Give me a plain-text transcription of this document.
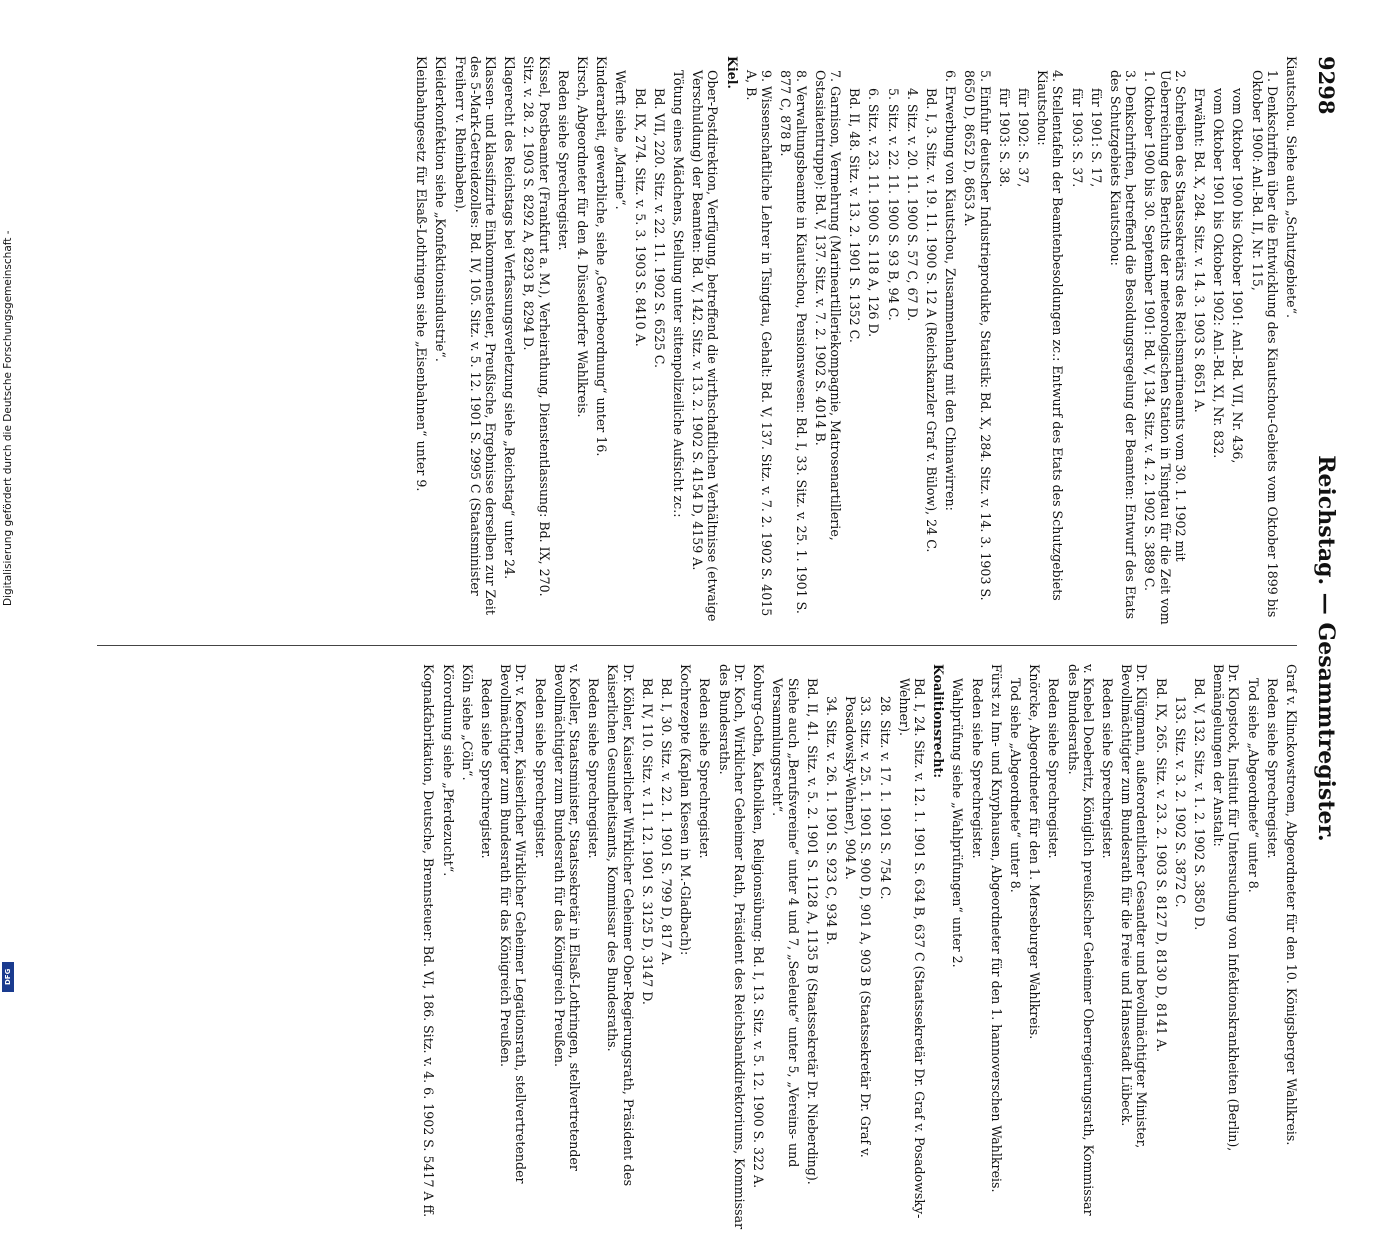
9298
Reichstag. — Gesammtregister.

Kiautschou. Siehe auch „Schutzgebiete“.

1. Denkschriften über die Entwicklung des Kiautschou-Gebiets vom Oktober 1899 bis Oktober 1900: Anl.-Bd. II, Nr. 115,

vom Oktober 1900 bis Oktober 1901: Anl.-Bd. VII, Nr. 436,

vom Oktober 1901 bis Oktober 1902: Anl.-Bd. XI, Nr. 832.

Erwähnt: Bd. X, 284. Sitz. v. 14. 3. 1903 S. 8651 A.

2. Schreiben des Staatssekretärs des Reichsmarineamts vom 30. 1. 1902 mit Ueberreichung des Berichts der meteorologischen Station in Tsingtau für die Zeit vom 1. Oktober 1900 bis 30. September 1901: Bd. V, 134. Sitz. v. 4. 2. 1902 S. 3889 C.

3. Denkschriften, betreffend die Besoldungsregelung der Beamten: Entwurf des Etats des Schutzgebiets Kiautschou:

für 1901: S. 17,

für 1903: S. 37.

4. Stellentafeln der Beamtenbesoldungen zc.: Entwurf des Etats des Schutzgebiets Kiautschou:

für 1902: S. 37,

für 1903: S. 38.

5. Einfuhr deutscher Industrieprodukte, Statistik: Bd. X, 284. Sitz. v. 14. 3. 1903 S. 8650 D, 8652 D, 8653 A.

6. Erwerbung von Kiautschou, Zusammenhang mit den Chinawirren:

Bd. I, 3. Sitz. v. 19. 11. 1900 S. 12 A (Reichskanzler Graf v. Bülow), 24 C.

4. Sitz. v. 20. 11. 1900 S. 57 C, 67 D.

5. Sitz. v. 22. 11. 1900 S. 93 B, 94 C.

6. Sitz. v. 23. 11. 1900 S. 118 A, 126 D.

Bd. II, 48. Sitz. v. 13. 2. 1901 S. 1352 C.

7. Garnison, Vermehrung (Marineartilleriekompagnie, Matrosenartillerie, Ostasiatentruppe): Bd. V, 137. Sitz. v. 7. 2. 1902 S. 4014 B.

8. Verwaltungsbeamte in Kiautschou, Pensionswesen: Bd. I, 33. Sitz. v. 25. 1. 1901 S. 877 C, 878 B.

9. Wissenschaftliche Lehrer in Tsingtau, Gehalt: Bd. V, 137. Sitz. v. 7. 2. 1902 S. 4015 A, B.

Kiel.

Ober-Postdirektion, Verfügung, betreffend die wirthschaftlichen Verhältnisse (etwaige Verschuldung) der Beamten: Bd. V, 142. Sitz. v. 13. 2. 1902 S. 4154 D, 4159 A.

Tötung eines Mädchens, Stellung unter sittenpolizeiliche Aufsicht zc.:

Bd. VII, 220. Sitz. v. 22. 11. 1902 S. 6525 C.

Bd. IX, 274. Sitz. v. 5. 3. 1903 S. 8410 A.

Werft siehe „Marine“.

Kinderarbeit, gewerbliche, siehe „Gewerbeordnung“ unter 16.

Kirsch, Abgeordneter für den 4. Düsseldorfer Wahlkreis.

Reden siehe Sprechregister.

Kissel, Postbeamter (Frankfurt a. M.), Verheirathung, Dienstentlassung: Bd. IX, 270. Sitz. v. 28. 2. 1903 S. 8292 A, 8293 B, 8294 D.

Klagerecht des Reichstags bei Verfassungsverletzung siehe „Reichstag“ unter 24.

Klassen- und klassifizirte Einkommensteuer, Preußische, Ergebnisse derselben zur Zeit des 5-Mark-Getreidezolles: Bd. IV, 105. Sitz. v. 5. 12. 1901 S. 2995 C (Staatsminister Freiherr v. Rheinbaben).

Kleiderkonfektion siehe „Konfektionsindustrie“.

Kleinbahngesetz für Elsaß-Lothringen siehe „Eisenbahnen“ unter 9.

Graf v. Klinckowstroem, Abgeordneter für den 10. Königsberger Wahlkreis.

Reden siehe Sprechregister.

Tod siehe „Abgeordnete“ unter 8.

Dr. Klopstock, Institut für Untersuchung von Infektionskrankheiten (Berlin), Bemängelungen der Anstalt:

Bd. V, 132. Sitz. v. 1. 2. 1902 S. 3850 D.

133. Sitz. v. 3. 2. 1902 S. 3872 C.

Bd. IX, 265. Sitz. v. 23. 2. 1903 S. 8127 D, 8130 D, 8141 A.

Dr. Klügmann, außerordentlicher Gesandter und bevollmächtigter Minister, Bevollmächtigter zum Bundesrath für die Freie und Hansestadt Lübeck.

Reden siehe Sprechregister.

v. Knebel Doeberitz, Königlich preußischer Geheimer Oberregierungsrath, Kommissar des Bundesraths.

Reden siehe Sprechregister.

Knörcke, Abgeordneter für den 1. Merseburger Wahlkreis.

Tod siehe „Abgeordnete“ unter 8.

Fürst zu Inn- und Knyphausen, Abgeordneter für den 1. hannoverschen Wahlkreis.

Reden siehe Sprechregister.

Wahlprüfung siehe „Wahlprüfungen“ unter 2.

Koalitionsrecht:

Bd. I, 24. Sitz. v. 12. 1. 1901 S. 634 B, 637 C (Staatssekretär Dr. Graf v. Posadowsky-Wehner).

28. Sitz. v. 17. 1. 1901 S. 754 C.

33. Sitz. v. 25. 1. 1901 S. 900 D, 901 A, 903 B (Staatssekretär Dr. Graf v. Posadowsky-Wehner), 904 A.

34. Sitz. v. 26. 1. 1901 S. 923 C, 934 B.

Bd. II, 41. Sitz. v. 5. 2. 1901 S. 1128 A, 1135 B (Staatssekretär Dr. Nieberding).

Siehe auch „Berufsvereine“ unter 4 und 7, „Seeleute“ unter 5, „Vereins- und Versammlungsrecht“.

Koburg-Gotha, Katholiken, Religionsübung: Bd. I, 13. Sitz. v. 5. 12. 1900 S. 322 A.

Dr. Koch, Wirklicher Geheimer Rath, Präsident des Reichsbankdirektoriums, Kommissar des Bundesraths.

Reden siehe Sprechregister.

Kochrezepte (Kaplan Kiesen in M.-Gladbach):

Bd. I, 30. Sitz. v. 22. 1. 1901 S. 799 D, 817 A.

Bd. IV, 110. Sitz. v. 11. 12. 1901 S. 3125 D, 3147 D.

Dr. Köhler, Kaiserlicher Wirklicher Geheimer Ober-Regierungsrath, Präsident des Kaiserlichen Gesundheitsamts, Kommissar des Bundesraths.

Reden siehe Sprechregister.

v. Koeller, Staatsminister, Staatssekretär in Elsaß-Lothringen, stellvertretender Bevollmächtigter zum Bundesrath für das Königreich Preußen.

Reden siehe Sprechregister.

Dr. v. Koerner, Kaiserlicher Wirklicher Geheimer Legationsrath, stellvertretender Bevollmächtigter zum Bundesrath für das Königreich Preußen.

Reden siehe Sprechregister.

Köln siehe „Cöln“.

Körordnung siehe „Pferdezucht“.

Kognakfabrikation, Deutsche, Brennsteuer: Bd. VI, 186. Sitz. v. 4. 6. 1902 S. 5417 A ff.

Digitalisierung gefördert durch die Deutsche Forschungsgemeinschaft -
DFG
